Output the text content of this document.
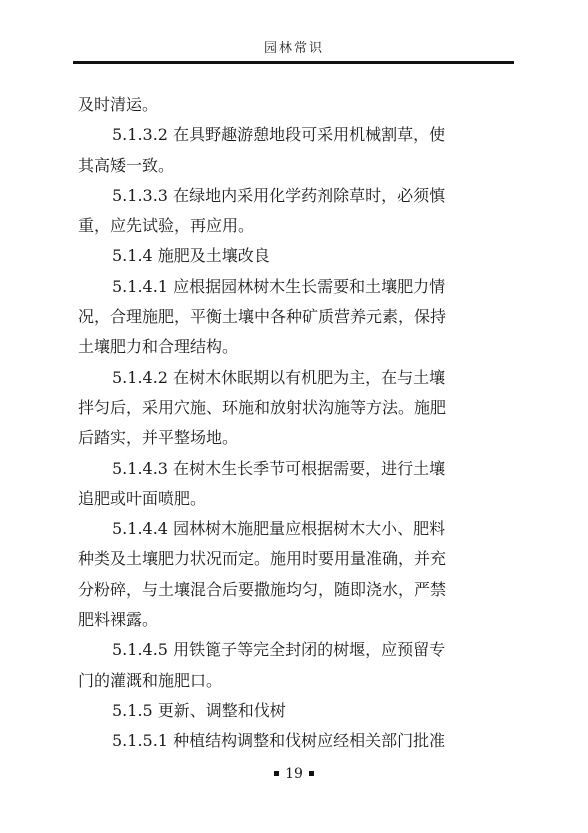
园林常识
及时清运。
5.1.3.2 在具野趣游憩地段可采用机械割草，使
其高矮一致。
5.1.3.3 在绿地内采用化学药剂除草时，必须慎
重，应先试验，再应用。
5.1.4 施肥及土壤改良
5.1.4.1 应根据园林树木生长需要和土壤肥力情
况，合理施肥，平衡土壤中各种矿质营养元素，保持
土壤肥力和合理结构。
5.1.4.2 在树木休眠期以有机肥为主，在与土壤
拌匀后，采用穴施、环施和放射状沟施等方法。施肥
后踏实，并平整场地。
5.1.4.3 在树木生长季节可根据需要，进行土壤
追肥或叶面喷肥。
5.1.4.4 园林树木施肥量应根据树木大小、肥料
种类及土壤肥力状况而定。施用时要用量准确，并充
分粉碎，与土壤混合后要撒施均匀，随即浇水，严禁
肥料裸露。
5.1.4.5 用铁篦子等完全封闭的树堰，应预留专
门的灌溉和施肥口。
5.1.5 更新、调整和伐树
5.1.5.1 种植结构调整和伐树应经相关部门批准
19
